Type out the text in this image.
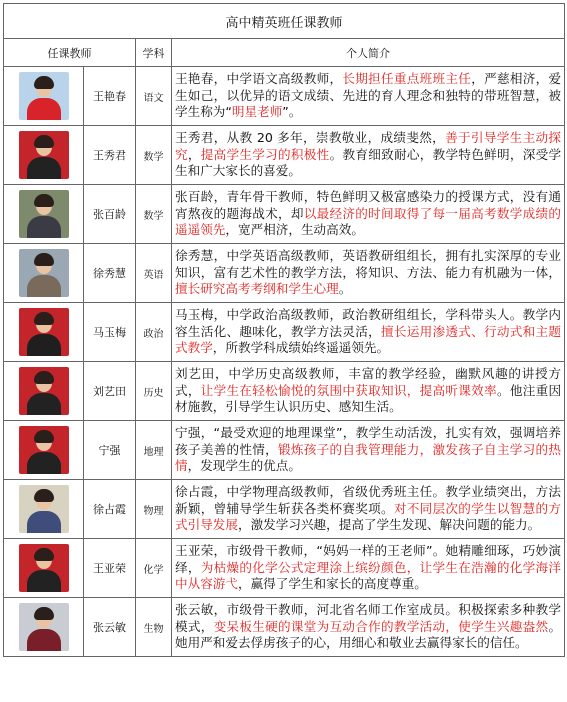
高中精英班任课教师			
任课教师		学科	个人简介

	王艳春	语文	王艳春，中学语文高级教师，长期担任重点班班主任，严慈相济，爱生如己，以优异的语文成绩、先进的育人理念和独特的带班智慧，被学生称为“明星老师”。

	王秀君	数学	王秀君，从教 20 多年，崇教敬业，成绩斐然，善于引导学生主动探究，提高学生学习的积极性。教育细致耐心，教学特色鲜明，深受学生和广大家长的喜爱。

	张百龄	数学	张百龄，青年骨干教师，特色鲜明又极富感染力的授课方式，没有通宵熬夜的题海战术，却以最经济的时间取得了每一届高考数学成绩的遥遥领先，宽严相济，生动高效。

	徐秀慧	英语	徐秀慧，中学英语高级教师，英语教研组组长，拥有扎实深厚的专业知识，富有艺术性的教学方法，将知识、方法、能力有机融为一体，擅长研究高考考纲和学生心理。

	马玉梅	政治	马玉梅，中学政治高级教师，政治教研组组长，学科带头人。教学内容生活化、趣味化，教学方法灵活，擅长运用渗透式、行动式和主题式教学，所教学科成绩始终遥遥领先。

	刘艺田	历史	刘艺田，中学历史高级教师，丰富的教学经验，幽默风趣的讲授方式，让学生在轻松愉悦的氛围中获取知识，提高听课效率。他注重因材施教，引导学生认识历史、感知生活。

	宁强	地理	宁强，“最受欢迎的地理课堂”，教学生动活泼，扎实有效，强调培养孩子美善的性情，锻炼孩子的自我管理能力，激发孩子自主学习的热情，发现学生的优点。

	徐占霞	物理	徐占霞，中学物理高级教师，省级优秀班主任。教学业绩突出，方法新颖，曾辅导学生斩获各类杯赛奖项。对不同层次的学生以智慧的方式引导发展，激发学习兴趣，提高了学生发现、解决问题的能力。

	王亚荣	化学	王亚荣，市级骨干教师，“妈妈一样的王老师”。她精雕细琢，巧妙演绎，为枯燥的化学公式定理涂上缤纷颜色，让学生在浩瀚的化学海洋中从容游弋，赢得了学生和家长的高度尊重。

	张云敏	生物	张云敏，市级骨干教师，河北省名师工作室成员。积极探索多种教学模式，变呆板生硬的课堂为互动合作的教学活动，使学生兴趣盎然。她用严和爱去俘虏孩子的心，用细心和敬业去赢得家长的信任。
